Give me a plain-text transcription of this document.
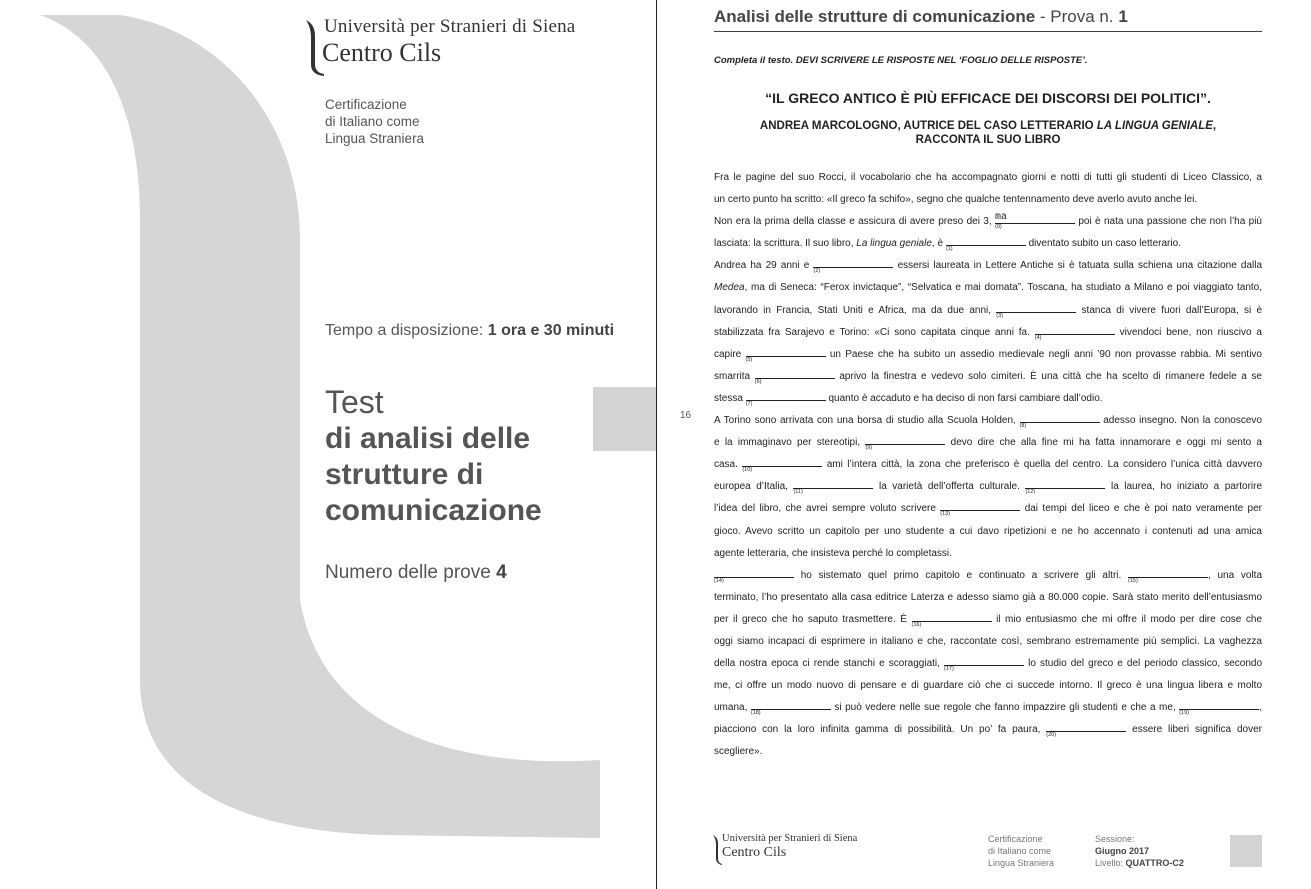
Università per Stranieri di Siena
Centro Cils
Certificazione
di Italiano come
Lingua Straniera
Tempo a disposizione: 1 ora e 30 minuti
Test
di analisi delle strutture di comunicazione
Numero delle prove 4
16
Analisi delle strutture di comunicazione - Prova n. 1
Completa il testo. DEVI SCRIVERE LE RISPOSTE NEL ‘FOGLIO DELLE RISPOSTE’.
“IL GRECO ANTICO È PIÙ EFFICACE DEI DISCORSI DEI POLITICI”.
ANDREA MARCOLOGNO, AUTRICE DEL CASO LETTERARIO LA LINGUA GENIALE,
RACCONTA IL SUO LIBRO
Fra le pagine del suo Rocci, il vocabolario che ha accompagnato giorni e notti di tutti gli studenti di Liceo Classico, a
un certo punto ha scritto: «Il greco fa schifo», segno che qualche tentennamento deve averlo avuto anche lei.
Non era la prima della classe e assicura di avere preso dei 3, ma
(0)	poi è nata una passione che non l’ha più
lasciata: la scrittura. Il suo libro, La lingua geniale, è (1)	diventato subito un caso letterario.
Andrea ha 29 anni e (2)	essersi laureata in Lettere Antiche si è tatuata sulla schiena una citazione dalla
Medea, ma di Seneca: “Ferox invictaque”, “Selvatica e mai domata”. Toscana, ha studiato a Milano e poi viaggiato tanto,
lavorando in Francia, Stati Uniti e Africa, ma da due anni, (3)	stanca di vivere fuori dall’Europa, si è
stabilizzata fra Sarajevo e Torino: «Ci sono capitata cinque anni fa. (4)	vivendoci bene, non riuscivo a
capire (5)	un Paese che ha subito un assedio medievale negli anni ’90 non provasse rabbia. Mi sentivo
smarrita (6)	aprivo la finestra e vedevo solo cimiteri. È una città che ha scelto di rimanere fedele a se
stessa (7)	quanto è accaduto e ha deciso di non farsi cambiare dall’odio.
A Torino sono arrivata con una borsa di studio alla Scuola Holden, (8)	adesso insegno. Non la conoscevo
e la immaginavo per stereotipi, (9)	devo dire che alla fine mi ha fatta innamorare e oggi mi sento a
casa. (10)	ami l’intera città, la zona che preferisco è quella del centro. La considero l’unica città davvero
europea d’Italia, (11)	la varietà dell’offerta culturale. (12)	la laurea, ho iniziato a partorire
l’idea del libro, che avrei sempre voluto scrivere (13)	dai tempi del liceo e che è poi nato veramente per
gioco. Avevo scritto un capitolo per uno studente a cui davo ripetizioni e ne ho accennato i contenuti ad una amica
agente letteraria, che insisteva perché lo completassi.
(14)	ho sistemato quel primo capitolo e continuato a scrivere gli altri. (15)	, una volta
terminato, l’ho presentato alla casa editrice Laterza e adesso siamo già a 80.000 copie. Sarà stato merito dell’entusiasmo
per il greco che ho saputo trasmettere. È (16)	il mio entusiasmo che mi offre il modo per dire cose che
oggi siamo incapaci di esprimere in italiano e che, raccontate così, sembrano estremamente più semplici. La vaghezza
della nostra epoca ci rende stanchi e scoraggiati, (17)	lo studio del greco e del periodo classico, secondo
me, ci offre un modo nuovo di pensare e di guardare ciò che ci succede intorno. Il greco è una lingua libera e molto
umana, (18)	si può vedere nelle sue regole che fanno impazzire gli studenti e che a me, (19)	,
piacciono con la loro infinita gamma di possibilità. Un po’ fa paura, (20)	essere liberi significa dover
scegliere».
Università per Stranieri di Siena
Centro Cils
Certificazione
di Italiano come
Lingua Straniera
Sessione:
Giugno 2017
Livello: QUATTRO-C2
